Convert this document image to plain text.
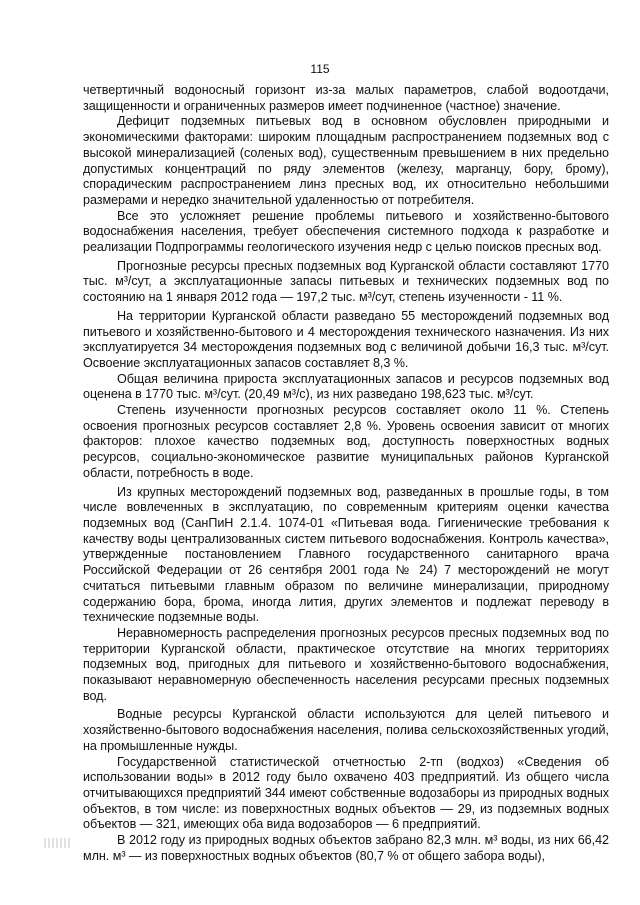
115

четвертичный водоносный горизонт из-за малых параметров, слабой водоотдачи, защищенности и ограниченных размеров имеет подчиненное (частное) значение.

Дефицит подземных питьевых вод в основном обусловлен природными и экономическими факторами: широким площадным распространением подземных вод с высокой минерализацией (соленых вод), существенным превышением в них предельно допустимых концентраций по ряду элементов (железу, марганцу, бору, брому), спорадическим распространением линз пресных вод, их относительно небольшими размерами и нередко значительной удаленностью от потребителя.

Все это усложняет решение проблемы питьевого и хозяйственно-бытового водоснабжения населения, требует обеспечения системного подхода к разработке и реализации Подпрограммы геологического изучения недр с целью поисков пресных вод.

Прогнозные ресурсы пресных подземных вод Курганской области составляют 1770 тыс. м³/сут, а эксплуатационные запасы питьевых и технических подземных вод по состоянию на 1 января 2012 года — 197,2 тыс. м³/сут, степень изученности - 11 %.

На территории Курганской области разведано 55 месторождений подземных вод питьевого и хозяйственно-бытового и 4 месторождения технического назначения. Из них эксплуатируется 34 месторождения подземных вод с величиной добычи 16,3 тыс. м³/сут. Освоение эксплуатационных запасов составляет 8,3 %.

Общая величина прироста эксплуатационных запасов и ресурсов подземных вод оценена в 1770 тыс. м³/сут. (20,49 м³/с), из них разведано 198,623 тыс. м³/сут.

Степень изученности прогнозных ресурсов составляет около 11 %. Степень освоения прогнозных ресурсов составляет 2,8 %. Уровень освоения зависит от многих факторов: плохое качество подземных вод, доступность поверхностных водных ресурсов, социально-экономическое развитие муниципальных районов Курганской области, потребность в воде.

Из крупных месторождений подземных вод, разведанных в прошлые годы, в том числе вовлеченных в эксплуатацию, по современным критериям оценки качества подземных вод (СанПиН 2.1.4. 1074-01 «Питьевая вода. Гигиенические требования к качеству воды централизованных систем питьевого водоснабжения. Контроль качества», утвержденные постановлением Главного государственного санитарного врача Российской Федерации от 26 сентября 2001 года № 24) 7 месторождений не могут считаться питьевыми главным образом по величине минерализации, природному содержанию бора, брома, иногда лития, других элементов и подлежат переводу в технические подземные воды.

Неравномерность распределения прогнозных ресурсов пресных подземных вод по территории Курганской области, практическое отсутствие на многих территориях подземных вод, пригодных для питьевого и хозяйственно-бытового водоснабжения, показывают неравномерную обеспеченность населения ресурсами пресных подземных вод.

Водные ресурсы Курганской области используются для целей питьевого и хозяйственно-бытового водоснабжения населения, полива сельскохозяйственных угодий, на промышленные нужды.

Государственной статистической отчетностью 2-тп (водхоз) «Сведения об использовании воды» в 2012 году было охвачено 403 предприятий. Из общего числа отчитывающихся предприятий 344 имеют собственные водозаборы из природных водных объектов, в том числе: из поверхностных водных объектов — 29, из подземных водных объектов — 321, имеющих оба вида водозаборов — 6 предприятий.

В 2012 году из природных водных объектов забрано 82,3 млн. м³ воды, из них 66,42 млн. м³ — из поверхностных водных объектов (80,7 % от общего забора воды),
